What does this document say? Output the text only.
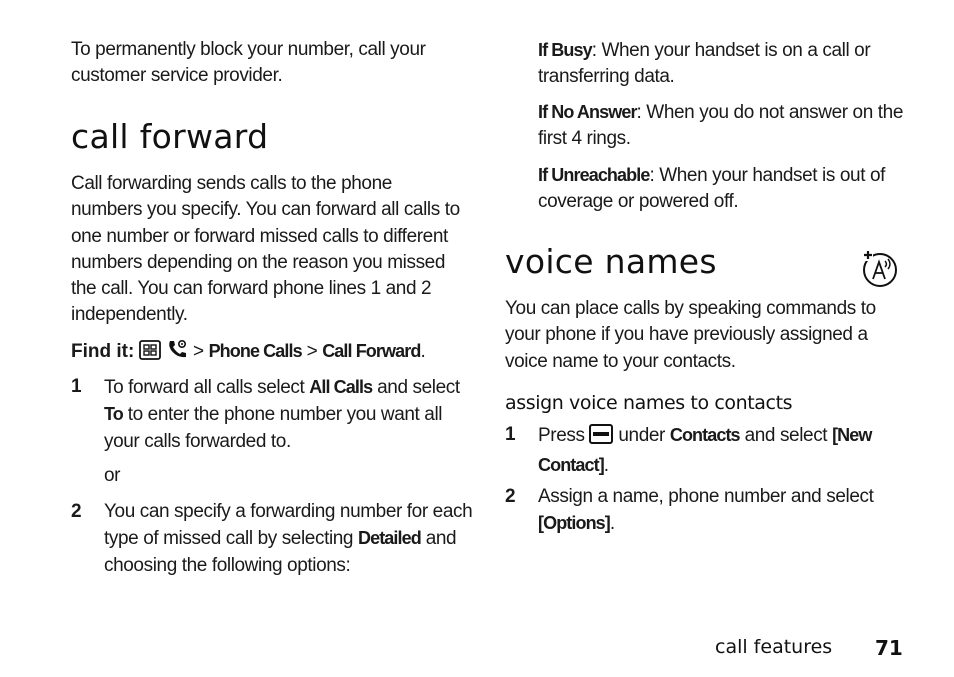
To permanently block your number, call your customer service provider.

call forward

Call forwarding sends calls to the phone numbers you specify. You can forward all calls to one number or forward missed calls to different numbers depending on the reason you missed the call. You can forward phone lines 1 and 2 independently.

Find it:	> Phone Calls > Call Forward.
1 To forward all calls select All Calls and select To to enter the phone number you want all your calls forwarded to.

or

2 You can specify a forwarding number for each type of missed call by selecting Detailed and choosing the following options:

If Busy: When your handset is on a call or transferring data.

If No Answer: When you do not answer on the first 4 rings.

If Unreachable: When your handset is out of coverage or powered off.

voice names

You can place calls by speaking commands to your phone if you have previously assigned a voice name to your contacts.

assign voice names to contacts
1 Press under Contacts and select [New Contact].
2 Assign a name, phone number and select [Options].
call features 71
